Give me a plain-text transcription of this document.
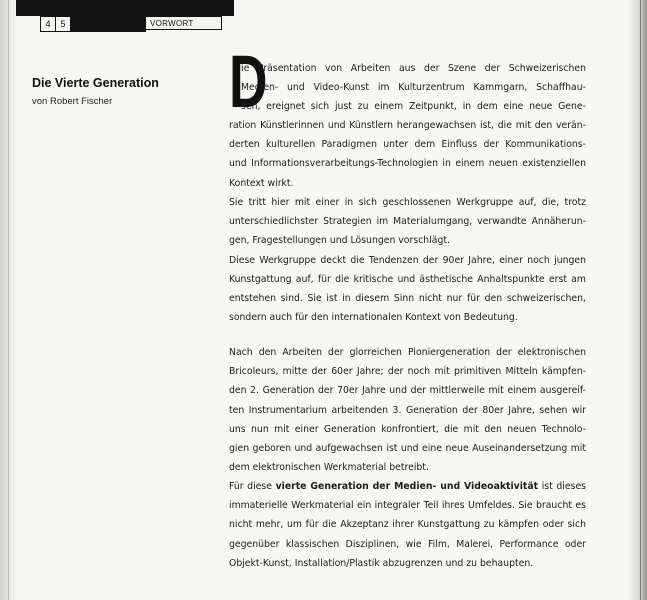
4	5	VORWORT
Die Vierte Generation
von Robert Fischer D
ie Präsentation von Arbeiten aus der Szene der Schweizerischen
Medien- und Video-Kunst im Kulturzentrum Kammgarn, Schaffhau-
sen, ereignet sich just zu einem Zeitpunkt, in dem eine neue Gene-
ration Künstlerinnen und Künstlern herangewachsen ist, die mit den verän-
derten kulturellen Paradigmen unter dem Einfluss der Kommunikations-
und Informationsverarbeitungs-Technologien in einem neuen existenziellen
Kontext wirkt.
Sie tritt hier mit einer in sich geschlossenen Werkgruppe auf, die, trotz
unterschiedlichster Strategien im Materialumgang, verwandte Annäherun-
gen, Fragestellungen und Lösungen vorschlägt.
Diese Werkgruppe deckt die Tendenzen der 90er Jahre, einer noch jungen
Kunstgattung auf, für die kritische und ästhetische Anhaltspunkte erst am
entstehen sind. Sie ist in diesem Sinn nicht nur für den schweizerischen,
sondern auch für den internationalen Kontext von Bedeutung.
Nach den Arbeiten der glorreichen Pioniergeneration der elektronischen
Bricoleurs, mitte der 60er Jahre; der noch mit primitiven Mitteln kämpfen-
den 2. Generation der 70er Jahre und der mittlerweile mit einem ausgereif-
ten Instrumentarium arbeitenden 3. Generation der 80er Jahre, sehen wir
uns nun mit einer Generation konfrontiert, die mit den neuen Technolo-
gien geboren und aufgewachsen ist und eine neue Auseinandersetzung mit
dem elektronischen Werkmaterial betreibt.
Für diese vierte Generation der Medien- und Videoaktivität ist dieses
immaterielle Werkmaterial ein integraler Teil ihres Umfeldes. Sie braucht es
nicht mehr, um für die Akzeptanz ihrer Kunstgattung zu kämpfen oder sich
gegenüber klassischen Disziplinen, wie Film, Malerei, Performance oder
Objekt-Kunst, Installation/Plastik abzugrenzen und zu behaupten.
